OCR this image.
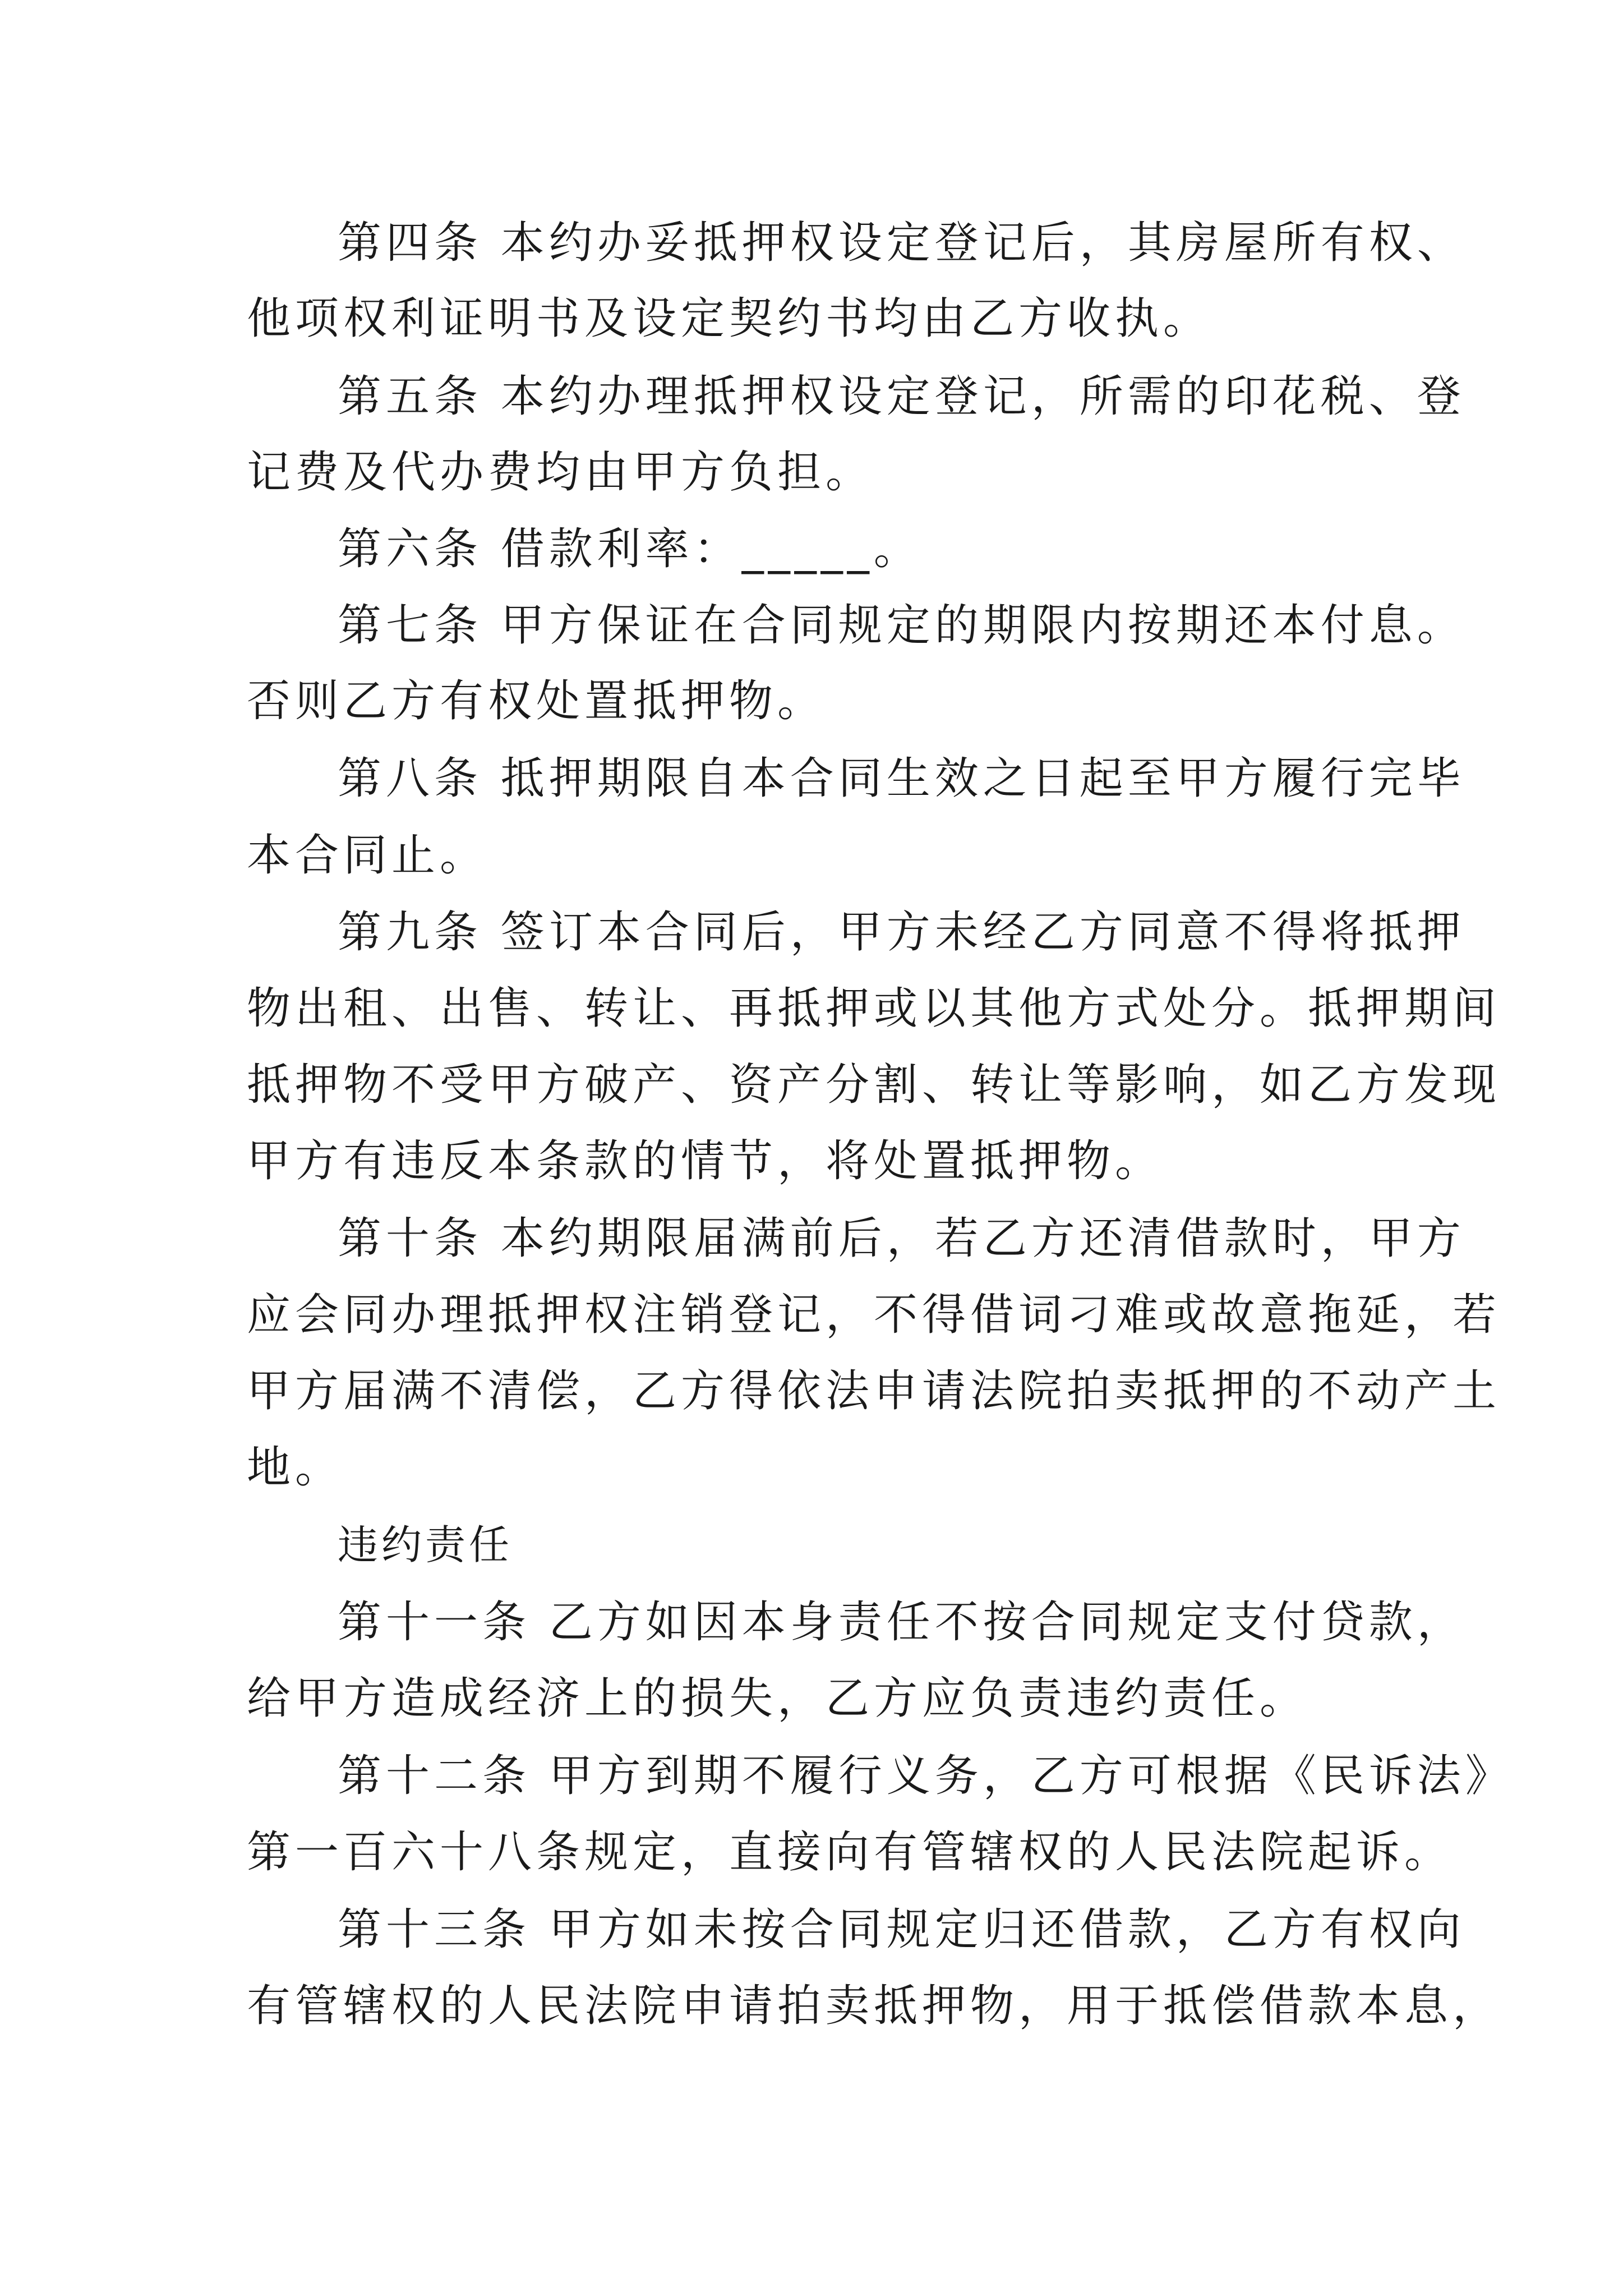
第四条 本约办妥抵押权设定登记后，其房屋所有权、

他项权利证明书及设定契约书均由乙方收执。

第五条 本约办理抵押权设定登记，所需的印花税、登

记费及代办费均由甲方负担。

第六条 借款利率：_____。

第七条 甲方保证在合同规定的期限内按期还本付息。

否则乙方有权处置抵押物。

第八条 抵押期限自本合同生效之日起至甲方履行完毕

本合同止。

第九条 签订本合同后，甲方未经乙方同意不得将抵押

物出租、出售、转让、再抵押或以其他方式处分。抵押期间

抵押物不受甲方破产、资产分割、转让等影响，如乙方发现

甲方有违反本条款的情节，将处置抵押物。

第十条 本约期限届满前后，若乙方还清借款时，甲方

应会同办理抵押权注销登记，不得借词刁难或故意拖延，若

甲方届满不清偿，乙方得依法申请法院拍卖抵押的不动产土

地。

违约责任

第十一条 乙方如因本身责任不按合同规定支付贷款，

给甲方造成经济上的损失，乙方应负责违约责任。

第十二条 甲方到期不履行义务，乙方可根据《民诉法》

第一百六十八条规定，直接向有管辖权的人民法院起诉。

第十三条 甲方如未按合同规定归还借款，乙方有权向

有管辖权的人民法院申请拍卖抵押物，用于抵偿借款本息，
